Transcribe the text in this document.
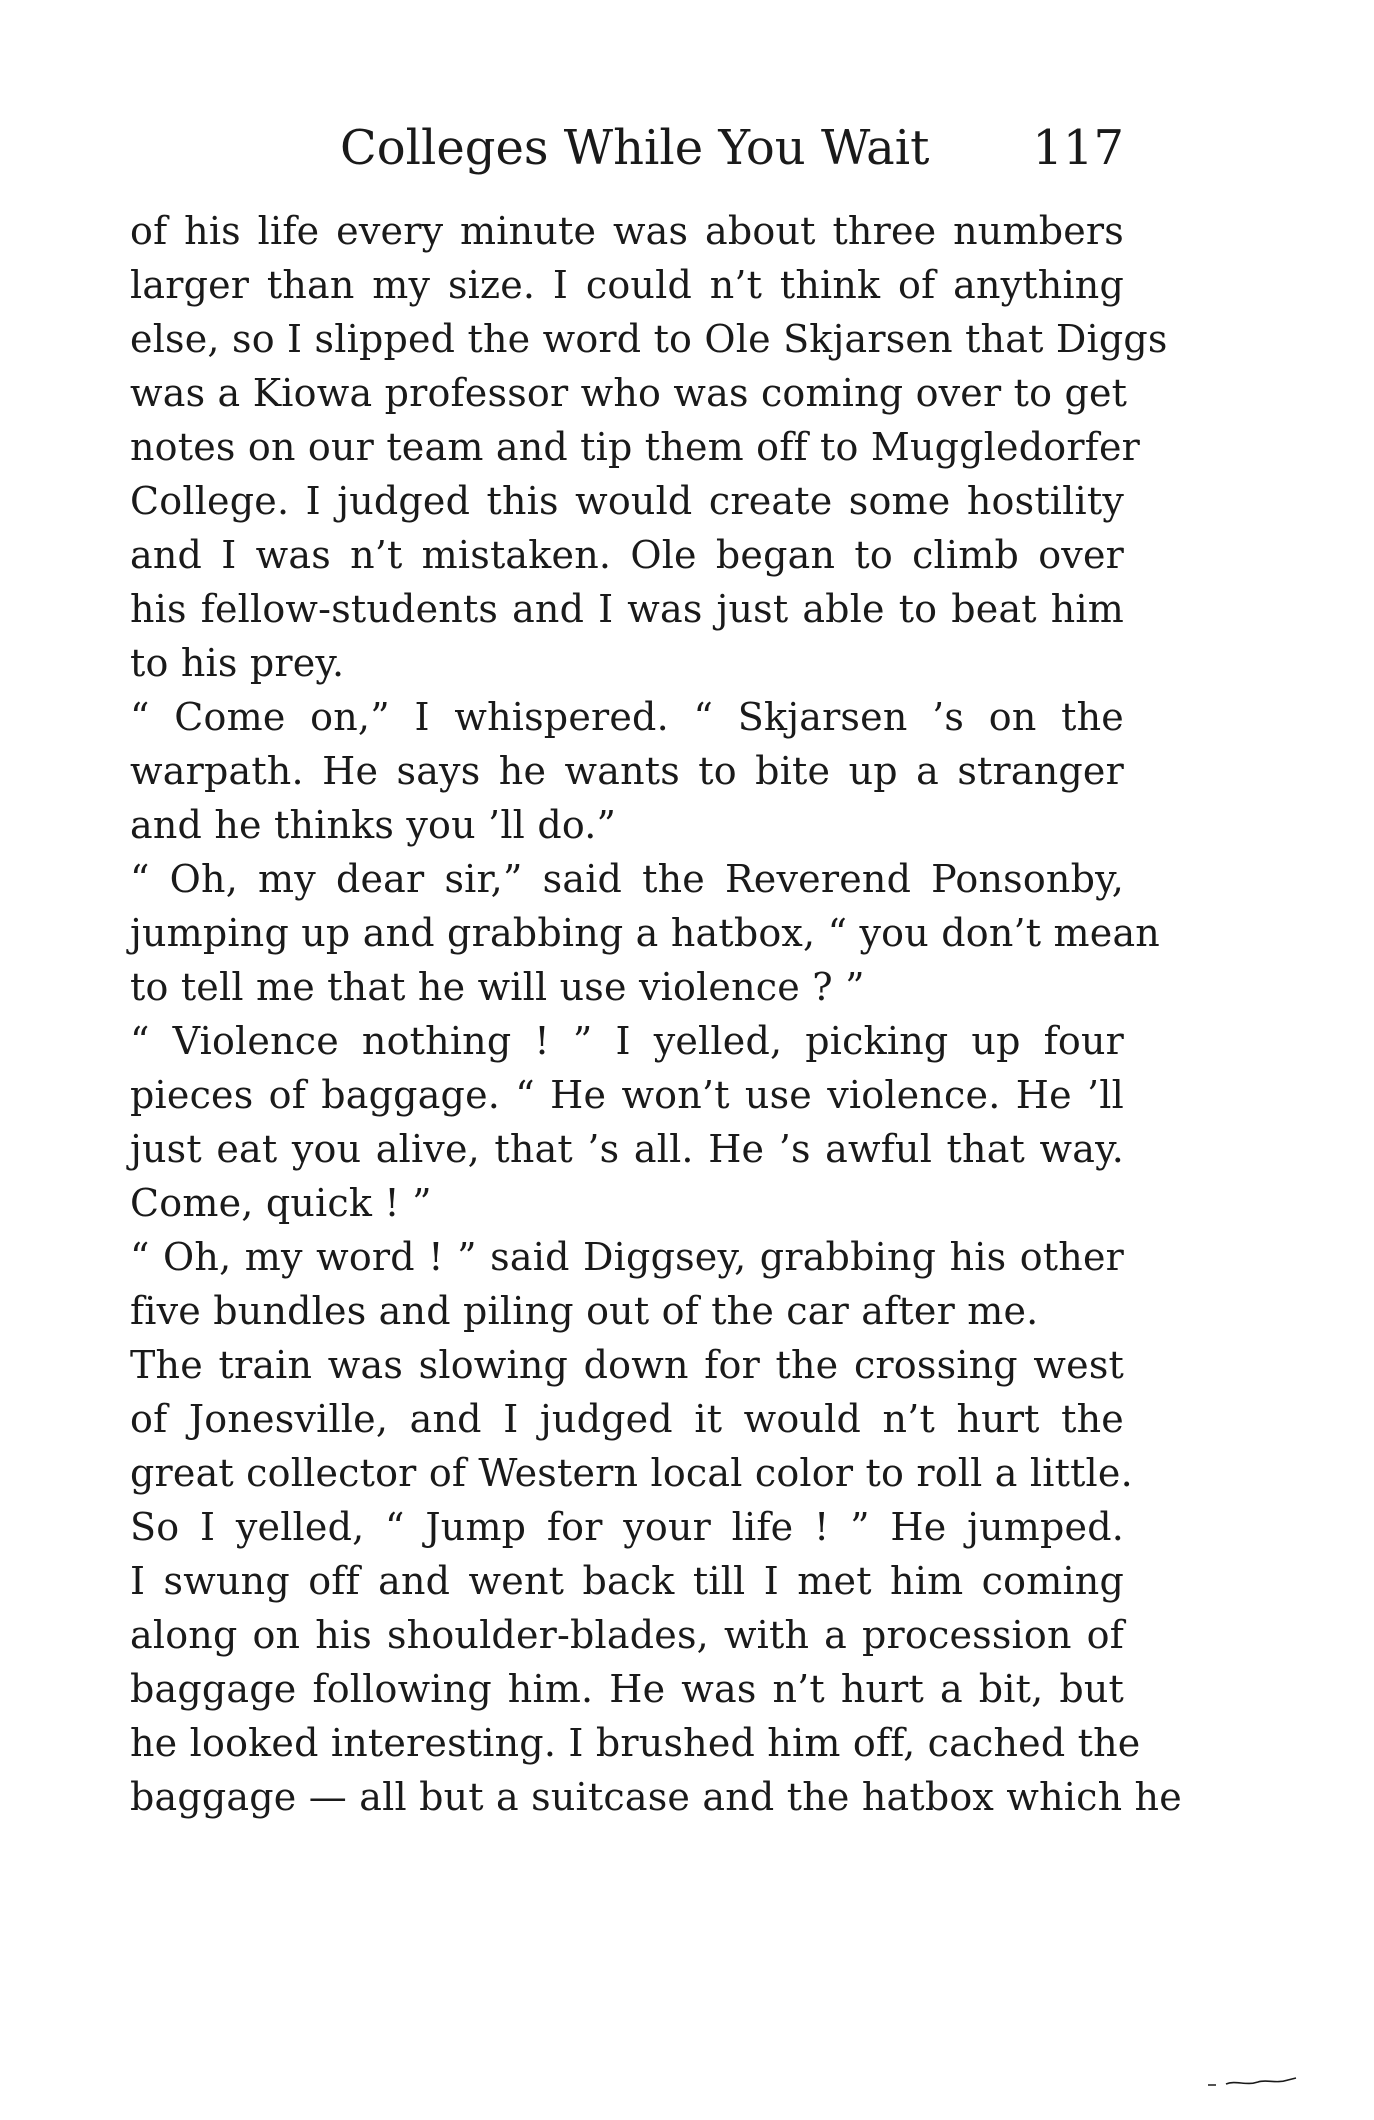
Colleges While You Wait 117
of his life every minute was about three numbers
larger than my size. I could n’t think of anything
else, so I slipped the word to Ole Skjarsen that Diggs
was a Kiowa professor who was coming over to get
notes on our team and tip them off to Muggledorfer
College. I judged this would create some hostility
and I was n’t mistaken. Ole began to climb over
his fellow-students and I was just able to beat him
to his prey.
“ Come on,” I whispered. “ Skjarsen ’s on the
warpath. He says he wants to bite up a stranger
and he thinks you ’ll do.”
“ Oh, my dear sir,” said the Reverend Ponsonby,
jumping up and grabbing a hatbox, “ you don’t mean
to tell me that he will use violence ? ”
“ Violence nothing ! ” I yelled, picking up four
pieces of baggage. “ He won’t use violence. He ’ll
just eat you alive, that ’s all. He ’s awful that way.
Come, quick ! ”
“ Oh, my word ! ” said Diggsey, grabbing his other
five bundles and piling out of the car after me.
The train was slowing down for the crossing west
of Jonesville, and I judged it would n’t hurt the
great collector of Western local color to roll a little.
So I yelled, “ Jump for your life ! ” He jumped.
I swung off and went back till I met him coming
along on his shoulder-blades, with a procession of
baggage following him. He was n’t hurt a bit, but
he looked interesting. I brushed him off, cached the
baggage — all but a suitcase and the hatbox which he
